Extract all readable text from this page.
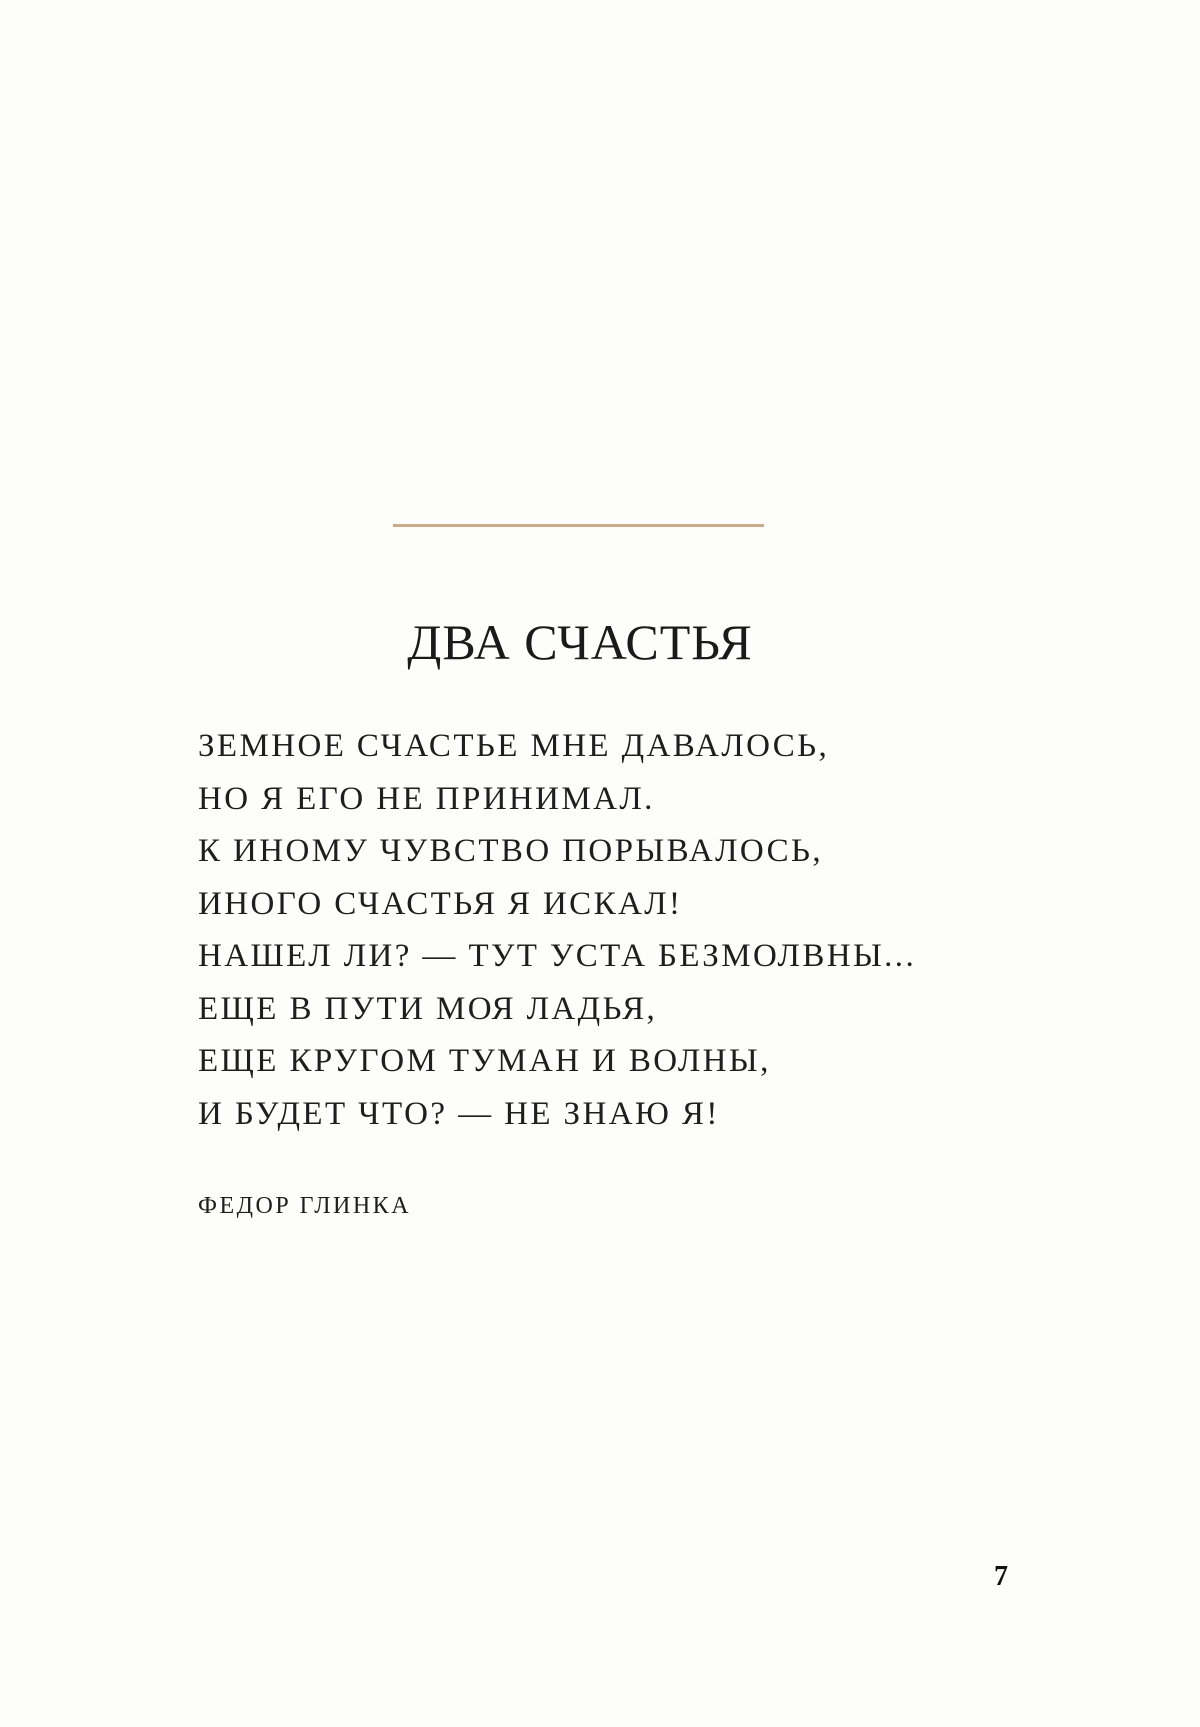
ДВА СЧАСТЬЯ
ЗЕМНОЕ СЧАСТЬЕ МНЕ ДАВАЛОСЬ,
НО Я ЕГО НЕ ПРИНИМАЛ.
К ИНОМУ ЧУВСТВО ПОРЫВАЛОСЬ,
ИНОГО СЧАСТЬЯ Я ИСКАЛ!
НАШЕЛ ЛИ? — ТУТ УСТА БЕЗМОЛВНЫ...
ЕЩЕ В ПУТИ МОЯ ЛАДЬЯ,
ЕЩЕ КРУГОМ ТУМАН И ВОЛНЫ,
И БУДЕТ ЧТО? — НЕ ЗНАЮ Я!
ФЕДОР ГЛИНКА
7
